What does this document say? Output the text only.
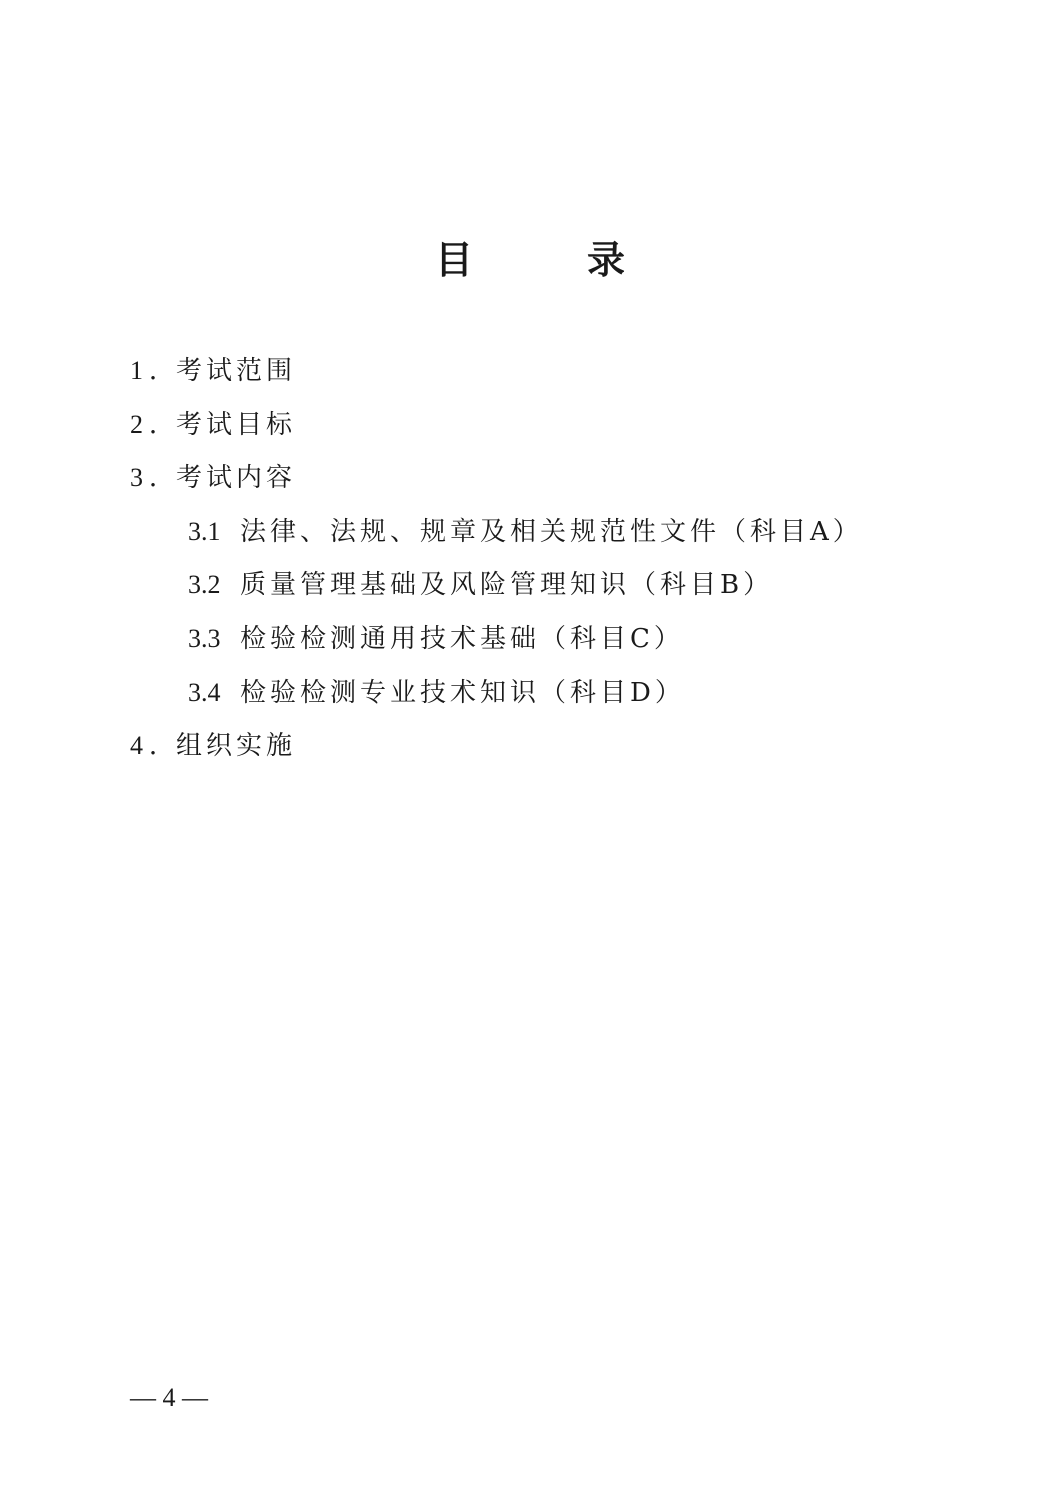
目　录
1．考试范围
2．考试目标
3．考试内容
3.1 法律、法规、规章及相关规范性文件（科目A）
3.2 质量管理基础及风险管理知识（科目B）
3.3 检验检测通用技术基础（科目C）
3.4 检验检测专业技术知识（科目D）
4．组织实施
— 4 —
